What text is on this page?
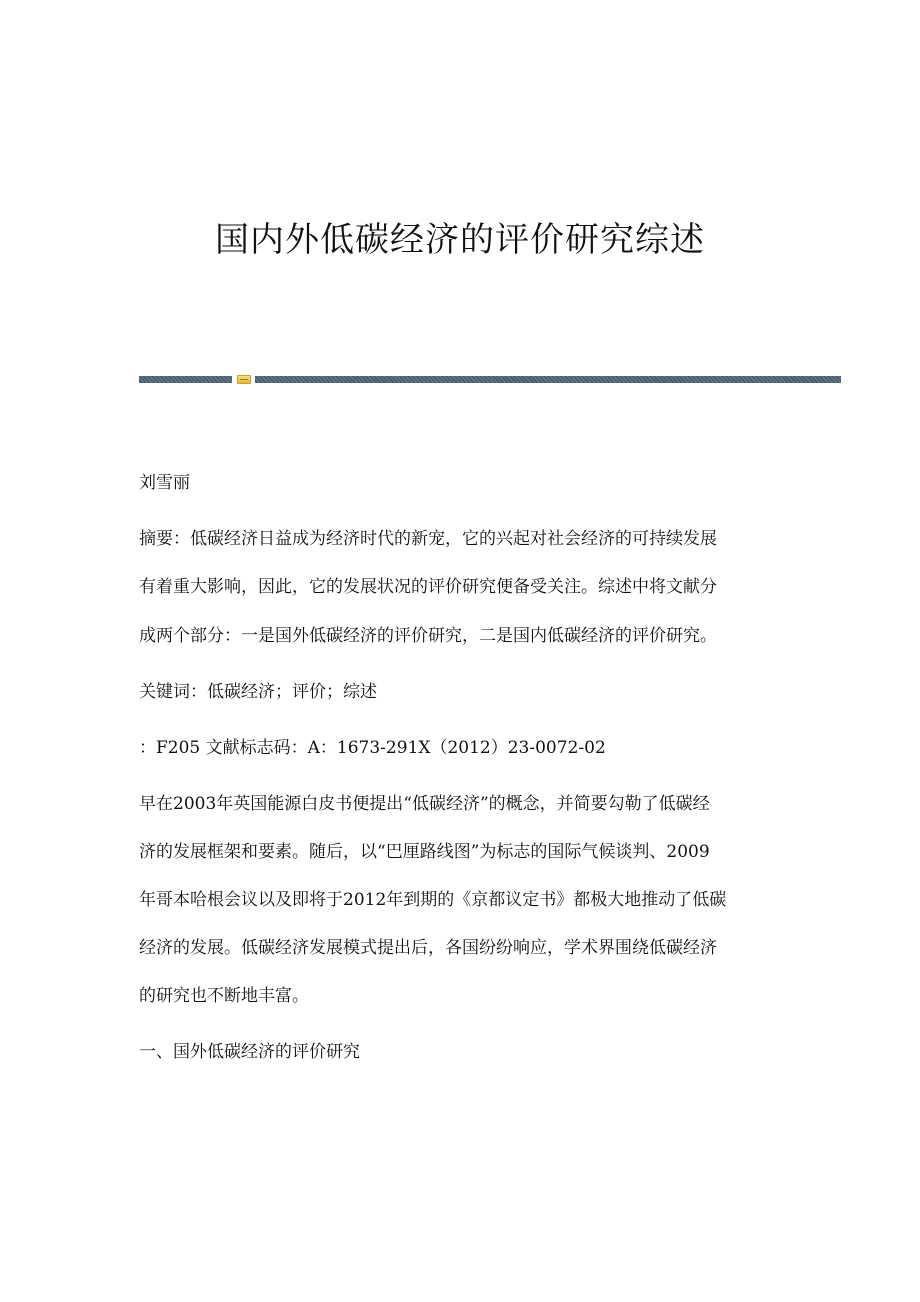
国内外低碳经济的评价研究综述

刘雪丽

摘要：低碳经济日益成为经济时代的新宠，它的兴起对社会经济的可持续发展
有着重大影响，因此，它的发展状况的评价研究便备受关注。综述中将文献分
成两个部分：一是国外低碳经济的评价研究，二是国内低碳经济的评价研究。

关键词：低碳经济；评价；综述

：F205 文献标志码：A：1673-291X（2012）23-0072-02

早在2003年英国能源白皮书便提出“低碳经济”的概念，并简要勾勒了低碳经
济的发展框架和要素。随后，以“巴厘路线图”为标志的国际气候谈判、2009
年哥本哈根会议以及即将于2012年到期的《京都议定书》都极大地推动了低碳
经济的发展。低碳经济发展模式提出后，各国纷纷响应，学术界围绕低碳经济
的研究也不断地丰富。

一、国外低碳经济的评价研究
